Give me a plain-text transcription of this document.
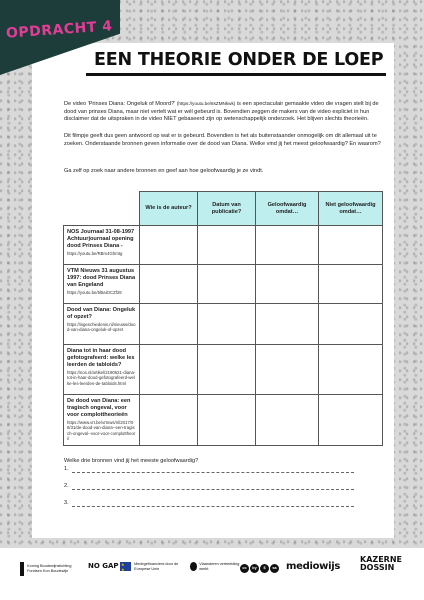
OPDRACHT 4
EEN THEORIE ONDER DE LOEP
De video 'Prinses Diana: Ongeluk of Moord?' (https://youtu.be/8sZMNkwk) is een spectaculair gemaakte video die vragen stelt bij de dood van prinses Diana, maar niet vertelt wat er wél gebeurd is. Bovendien zeggen de makers van de video expliciet in hun disclaimer dat de uitspraken in de video NIET gebaseerd zijn op wetenschappelijk onderzoek. Het blijven slechts theorieën.
Dit filmpje geeft dus geen antwoord op wat er is gebeurd. Bovendien is het als buitenstaander onmogelijk om dit allemaal uit te zoeken. Onderstaande bronnen geven informatie over de dood van Diana. Welke vind jij het meest geloofwaardig? En waarom?
Ga zelf op zoek naar andere bronnen en geef aan hoe geloofwaardig je ze vindt.
	Wie is de auteur?	Datum van publicatie?	Geloofwaardig omdat…	Niet geloofwaardig omdat…

NOS Journaal 31-08-1997 Achtuurjournaal opening dood Prinses Diana -
https://youtu.be/RBrv4Ghmtg				

VTM Nieuws 31 augustus 1997: dood Prinses Diana van Engeland
https://youtu.be/5l5aiOCZf28				

Dood van Diana: Ongeluk of opzet?
https://isgeschiedenis.nl/nieuws/dood-van-diana-ongeluk-of-opzet				

Diana tot in haar dood gefotografeerd: welke les leerden de tabloids?
https://nos.nl/artikel/2190621-diana-tot-in-haar-dood-gefotografeerd-welke-les-leerden-de-tabloids.html				

De dood van Diana: een tragisch ongeval, voor voor complottheorieën
https://www.vrt.be/vrtnws/nl/2017/08/31/de-dood-van-diana--een-tragisch-ongeval--voor-voor-complottheori/				

Welke drie bronnen vind jij het meeste geloofwaardig?
1.
2.
3.
Koning Boudewijnstichting Fondsen Kon Boudewijn
NO GAP ★ ★	Medegefinancierd door de Europese Unie
Vlaanderen verbeelding werkt	cc	by	$	sa mediowijs
KAZERNE
DOSSIN
